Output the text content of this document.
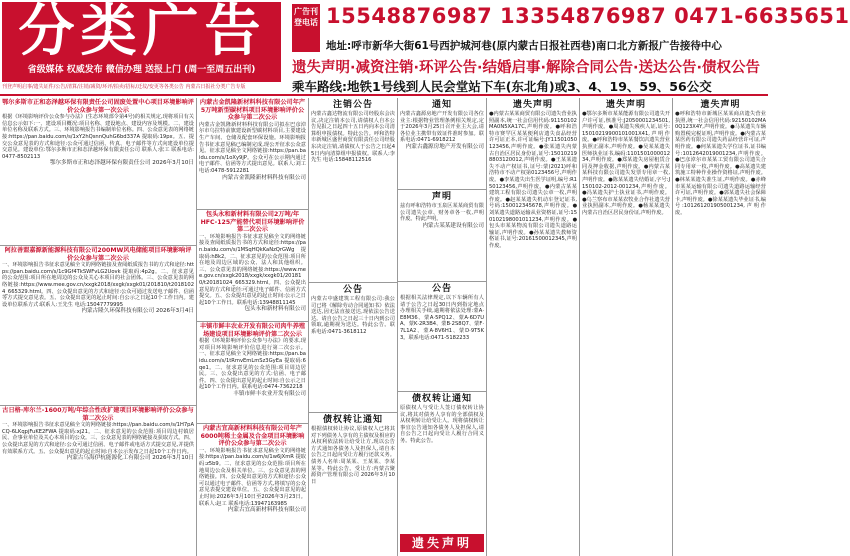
分类广告
省级媒体 权威发布 微信办理 送报上门 (周一至周五出刊)
刊登声明启事/遗失证件/公告/清算/注销/减资/环评/拍卖/招标/迁坟/变更等各类公告 内蒙古日报社分类广告专版
广告刊登电话 15548876987 13354876987 0471-6635651
地址:呼市新华大街61号西护城河巷(原内蒙古日报社西巷)南口北方新报广告接待中心
遗失声明·减资注销·环评公告·结婚启事·解除合同公告·送达公告·债权公告
乘车路线:地铁1号线到人民会堂站下车(东北角)或3、4、19、59、56公交
鄂尔多斯市正和态泽越环保有限责任公司固废处置中心项目环境影响评价公众参与第一次公示
根据《环境影响评价公众参与办法》(生态环境部令第4号)的相关规定,现将项目有关信息公示如下:一、建设项目概况:项目名称、建设地点、建设内容及规模。二、建设单位名称及联系方式。三、环境影响报告书编制单位名称。四、公众意见表的网络链接:https://pan.baidu.com/s/1xY2hQsnnQuhG6bd337A 提取码:19px。五、提交公众意见表的方式和途径:公众可通过信函、传真、电子邮件等方式向建设单位提交意见。建设单位:鄂尔多斯市正和态泽越环保有限责任公司 联系人:张工 联系电话:0477-8502113
鄂尔多斯市正和态泽越环保有限责任公司 2026年3月10日
阿拉善盟嘉源新能源科技有限公司200MW风电储能项目环境影响评价公众参与第二次公示
一、环境影响报告书征求意见稿全文的网络链接及查阅纸质报告书的方式和途径:https://pan.baidu.com/s/1c9Gf4TkSWFvLG2Uovk 提取码:4p2g。二、征求意见的公众范围:项目所在地周边的公众及关心本项目的社会团体。三、公众意见表的网络链接:https://www.mee.gov.cn/xxgk2018/xxgk/xxgk01/201810/t20181024_665329.html。四、公众提出意见的方式和途径:公众可通过发送电子邮件、信函等方式提交意见表。五、公众提出意见的起止时间:自公示之日起10个工作日内。建设单位联系方式:联系人:王先生 电话:15047779995
内蒙古隆久环保科技有限公司 2026年3月4日
古日格·库尔兰-1600万吨/年综合性改扩建项目环境影响评价公众参与第二次公示
一、环境影响报告书征求意见稿全文的网络链接:https://pan.baidu.com/s/1H7pACQ-6LKqpjFuKE2FWA 提取码:xj21。二、征求意见的公众范围:项目周边村镇居民、企事业单位及关心本项目的公众。三、公众意见表的网络链接及获取方式。四、公众提出意见的方式和途径:公众可通过信函、电子邮件或电话方式提交意见,并提供有效联系方式。五、公众提出意见的起止时间:自本公示发布之日起10个工作日内。
内蒙古乌海伊杭能源化工有限公司 2026年3月10日
内蒙古金凯隆新材料科技有限公司年产5万吨新型碳材料项目环境影响评价公众参与第二次公示
内蒙古金凯隆新材料科技有限公司拟在巴彦淖尔市乌拉特前旗建设新型碳材料项目,主要建设生产车间、仓储及配套环保设施。环境影响报告书征求意见稿已编制完成,现公开征求公众意见。征求意见稿全文网络链接:https://pan.baidu.com/s/1oXy9jP。公众可在公示期内通过电子邮件、信函等方式提出意见。联系人:刘工 电话:0478-5912281
内蒙古金凯隆新材料科技有限公司
包头永和新材料有限公司2万吨/年HFC-125产能替代项目环境影响评价第二次公示
一、环境影响报告书征求意见稿全文的网络链接及查阅纸质报告书的方式和途径:https://pan.baidu.com/s/1MSqHQkKaNzQrGWg 提取码:h8k2。二、征求意见的公众范围:项目所在地及周边区域的公众、法人和其他组织。三、公众意见表的网络链接:https://www.mee.gov.cn/xxgk2018/xxgk/xxgk01/201810/t20181024_665329.html。四、公众提出意见的方式和途径:可通过电子邮件、信函方式提交。五、公众提出意见的起止时间:公示之日起10个工作日。联系电话:13948811145
包头永和新材料有限公司
丰镇市鲜丰农业开发有限公司肉牛养殖场建设项目环境影响评价第二次公示
根据《环境影响评价公众参与办法》的要求,现对项目环境影响评价信息进行第二次公示。一、征求意见稿全文网络链接:https://pan.baidu.com/s/1tRmvEmLmSz3GyEa 提取码:6qe1。二、征求意见的公众范围:项目周边居民。三、公众提出意见的方式:信函、电子邮件。四、公众提出意见的起止时间:自公示之日起10个工作日内。联系电话:0474-7362218
丰镇市鲜丰农业开发有限公司
内蒙古宜高新材料科技有限公司年产6000吨稀土金属及合金项目环境影响评价公众参与第二次公示
一、环境影响报告书征求意见稿全文的网络链接:https://pan.baidu.com/s/1w6jXmR 提取码:z5b9。二、征求意见的公众范围:项目所在地周边公众及相关单位。三、公众意见表的网络链接。四、公众提出意见的方式和途径:公众可以通过电子邮件、信函等方式,将填写的公众意见表提交建设单位。五、公众提出意见的起止时间:2026年3月10日至2026年3月23日。联系人:赵工 联系电话:13947163985
内蒙古宜高新材料科技有限公司
注销公告
内蒙古鑫达物流有限公司经股东会决议,决定注销本公司,请债权人自本公告见报之日起四十五日内向本公司清算组申报债权。特此公告。呼和浩特市新城区盛世商贸有限责任公司经股东决定注销,请债权人于公告之日起45日内向清算组申报债权。联系人:李先生 电话:15848112516
公告
内蒙古中盛建筑工程有限公司:我公司已将《解除劳动合同通知书》依法送达,因无法直接送达,现依法公告送达。请自公告之日起三十日内到公司领取,逾期视为送达。特此公告。联系电话:0471-3618112
债权转让通知
根据债权转让协议,原债权人已将其对下列债务人享有的主债权及相应的从权利依法转让给受让方,现以公告方式通知各债务人及担保人,请自本公告之日起向受让方履行还款义务。债务人名单:周某某、王某某、李某某等。特此公告。受让方:内蒙古聚源资产管理有限公司 2026年3月10日
通知
内蒙古鑫源房地产开发有限公司各位业主:根据物业管理条例相关规定,定于2026年3月25日召开业主大会,请各位业主携带有效证件准时参加。联系电话:0471-6918212
内蒙古鑫源房地产开发有限公司
声明
兹有呼和浩特市玉泉区某某商贸有限公司遗失公章、财务章各一枚,声明作废。特此声明。
内蒙古某某建设有限公司
公告
根据相关法律规定,以下车辆所有人请于公告之日起30日内到指定地点办理相关手续,逾期将依法处理:蒙A·E8M36、蒙A·5PQ12、蒙A·6D7UA、蒙K·2R3B4、蒙B·2S8Q7、蒙F·7L1A2、蒙A·8V6H1、蒙D·9T5K3。联系电话:0471-5182233
债权转让通知
原债权人与受让人签订债权转让协议,将其对债务人享有的全部债权及从权利转让给受让人。现将债权转让事宜公告通知各债务人及担保人,请自公告之日起向受让人履行合同义务。特此公告。
遗失声明
遗失声明
●内蒙古某某商贸有限公司遗失营业执照副本,统一社会信用代码:91150102MA0N5XA17C,声明作废。●呼和浩特市赛罕区某某便利店遗失食品经营许可证正本,许可证编号:JY11501050123456,声明作废。●张某遗失内蒙古自治区居民身份证,证号:150102198803120012,声明作废。●王某某遗失不动产权证书,证号:蒙(2021)呼和浩特市不动产权第0123456号,声明作废。●李某遗失出生医学证明,编号:R150123456,声明作废。●内蒙古某某建筑工程有限公司遗失公章一枚,声明作废。●赵某某遗失机动车登记证书,号码:150012345678,声明作废。●刘某遗失道路运输从业资格证,证号:150102198001011234,声明作废。●包头市某某物流有限公司遗失道路运输证,声明作废。●孙某某遗失教师资格证书,证号:20161500012345,声明作废。
遗失声明
●鄂尔多斯市某某能源有限公司遗失开户许可证,核准号:J2050001234501,声明作废。●周某遗失残疾人证,证号:15010219900101001X41,声明作废。●呼和浩特市某某餐饮店遗失营业执照正副本,声明作废。●吴某某遗失医师执业证书,编码:110150100001234,声明作废。●郑某遗失房屋租赁合同及押金收据,声明作废。●内蒙古某某科技有限公司遗失发票专用章一枚,声明作废。●陈某某遗失结婚证,字号:J150102-2012-001234,声明作废。●冯某遗失护士执业证书,声明作废。●乌兰察布市某某农牧业合作社遗失营业执照副本,声明作废。●杨某某遗失内蒙古自治区居民身份证,声明作废。
遗失声明
●呼和浩特市新城区某某商店遗失营业执照,统一社会信用代码:92150102MA0Q123X4Y,声明作废。●马某遗失车辆购置税完税证明,声明作废。●内蒙古某某医药有限公司遗失药品经营许可证,声明作废。●何某某遗失学位证书,证书编号:1012642019001234,声明作废。●巴彦淖尔市某某工贸有限公司遗失合同专用章一枚,声明作废。●高某遗失建筑施工特种作业操作资格证,声明作废。●林某某遗失准生证,声明作废。●赤峰市某某运输有限公司遗失道路运输经营许可证,声明作废。●郭某遗失社会保障卡,声明作废。●徐某某遗失毕业证书,编号:101261201905001234,声明作废。
